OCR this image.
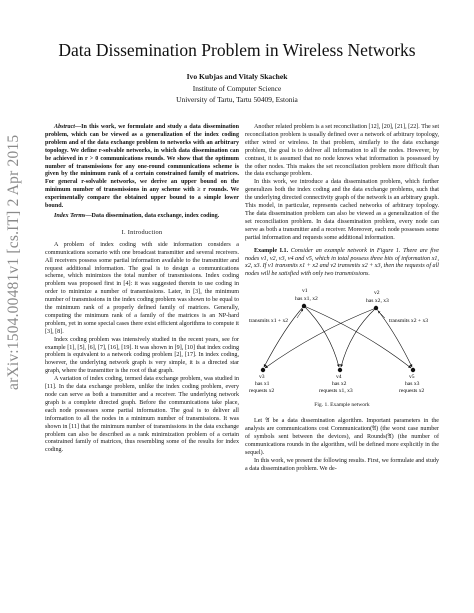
Data Dissemination Problem in Wireless Networks
Ivo Kubjas and Vitaly Skachek
Institute of Computer Science
University of Tartu, Tartu 50409, Estonia
arXiv:1504.00481v1 [cs.IT] 2 Apr 2015

Abstract—In this work, we formulate and study a data dissemination problem, which can be viewed as a generalization of the index coding problem and of the data exchange problem to networks with an arbitrary topology. We define r-solvable networks, in which data dissemination can be achieved in r > 0 communications rounds. We show that the optimum number of transmissions for any one-round communications scheme is given by the minimum rank of a certain constrained family of matrices. For general r-solvable networks, we derive an upper bound on the minimum number of transmissions in any scheme with ≥ r rounds. We experimentally compare the obtained upper bound to a simple lower bound.

Index Terms—Data dissemination, data exchange, index coding.

I. Introduction

A problem of index coding with side information considers a communications scenario with one broadcast transmitter and several receivers. All receivers possess some partial information available to the transmitter and request additional information. The goal is to design a communications scheme, which minimizes the total number of transmissions. Index coding problem was proposed first in [4]: it was suggested therein to use coding in order to minimize a number of transmissions. Later, in [3], the minimum number of transmissions in the index coding problem was shown to be equal to the minimum rank of a properly defined family of matrices. Generally, computing the minimum rank of a family of the matrices is an NP-hard problem, yet in some special cases there exist efficient algorithms to compute it [3], [8].

Index coding problem was intensively studied in the recent years, see for example [1], [5], [6], [7], [16], [19]. It was shown in [9], [10] that index coding problem is equivalent to a network coding problem [2], [17]. In index coding, however, the underlying network graph is very simple, it is a directed star graph, where the transmitter is the root of that graph.

A variation of index coding, termed data exchange problem, was studied in [11]. In the data exchange problem, unlike the index coding problem, every node can serve as both a transmitter and a receiver. The underlying network graph is a complete directed graph. Before the communications take place, each node possesses some partial information. The goal is to deliver all information to all the nodes in a minimum number of transmissions. It was shown in [11] that the minimum number of transmissions in the data exchange problem can also be described as a rank minimization problem of a certain constrained family of matrices, thus resembling some of the results for index coding.

Another related problem is a set reconciliation [12], [20], [21], [22]. The set reconciliation problem is usually defined over a network of arbitrary topology, either wired or wireless. In that problem, similarly to the data exchange problem, the goal is to deliver all information to all the nodes. However, by contrast, it is assumed that no node knows what information is possessed by the other nodes. This makes the set reconciliation problem more difficult than the data exchange problem.

In this work, we introduce a data dissemination problem, which further generalizes both the index coding and the data exchange problems, such that the underlying directed connectivity graph of the network is an arbitrary graph. This model, in particular, represents cached networks of arbitrary topology. The data dissemination problem can also be viewed as a generalization of the set reconciliation problem. In data dissemination problem, every node can serve as both a transmitter and a receiver. Moreover, each node possesses some partial information and requests some additional information.

Example I.1. Consider an example network in Figure 1. There are five nodes v1, v2, v3, v4 and v5, which in total possess three bits of information x1, x2, x3. If v1 transmits x1 + x2 and v2 transmits x2 + x3, then the requests of all nodes will be satisfied with only two transmissions.

v1
has x1, x2
v2
has x2, x3
transmits x1 + x2	transmits x2 + x3
v3
has x1
requests x2
v4
has x2
requests x1, x3
v5
has x3
requests x2
Fig. 1. Example network

Let 𝔄 be a data dissemination algorithm. Important parameters in the analysis are communications cost Communication(𝔄) (the worst case number of symbols sent between the devices), and Rounds(𝔄) (the number of communications rounds in the algorithm, will be defined more explicitly in the sequel).

In this work, we present the following results. First, we formulate and study a data dissemination problem. We de-
